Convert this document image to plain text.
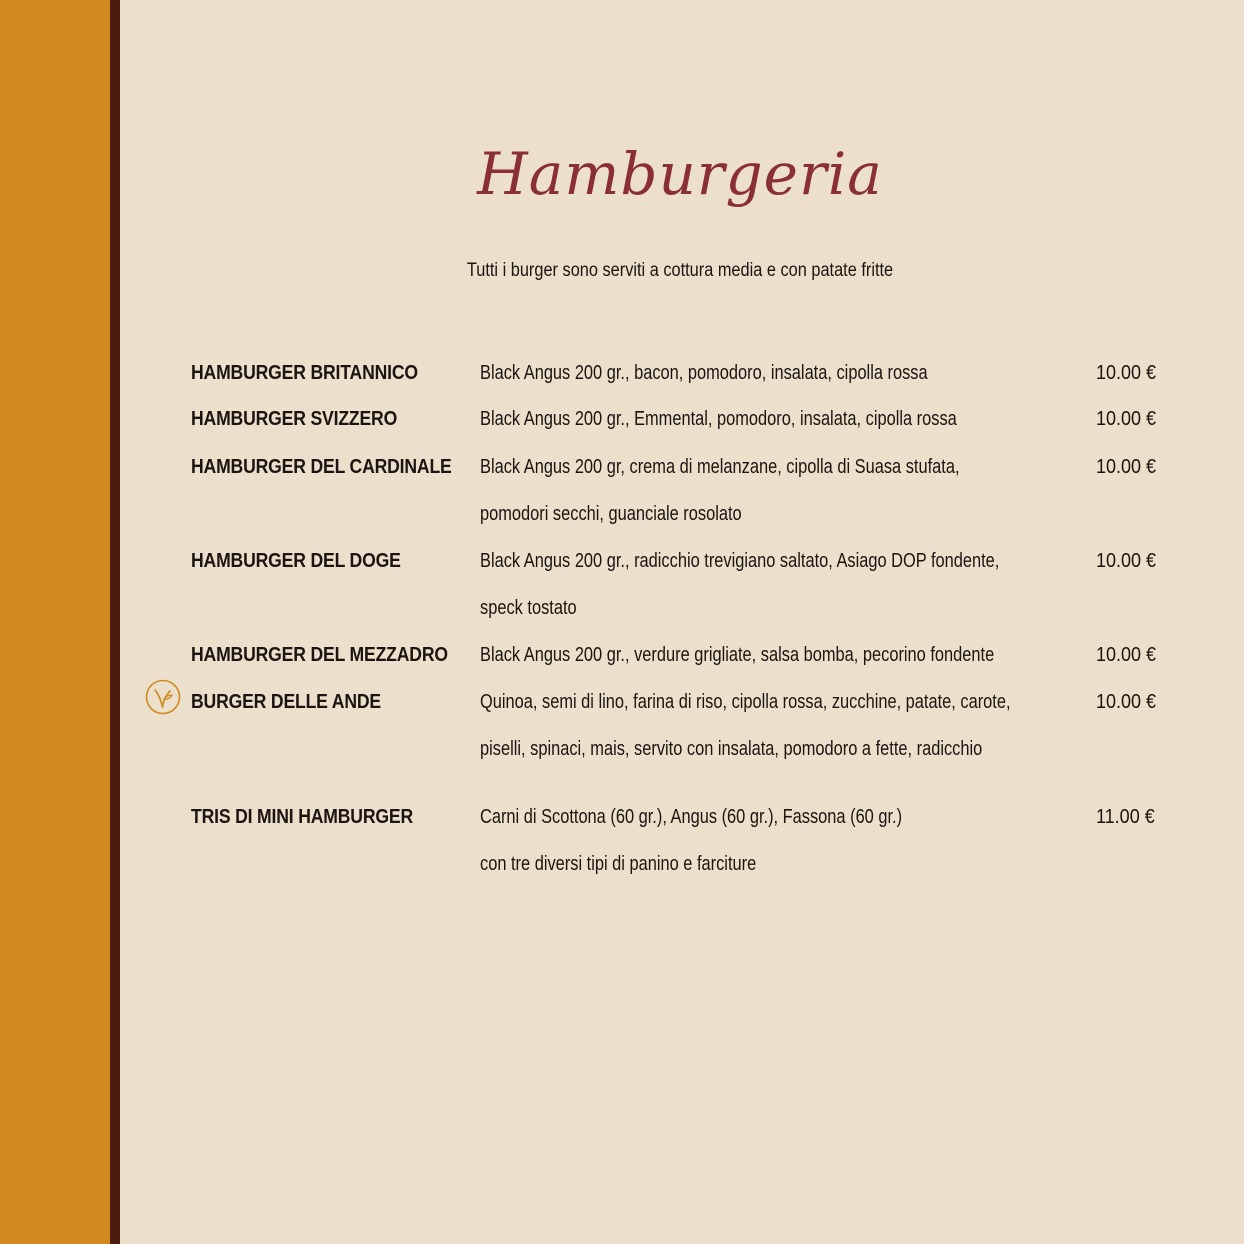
Hamburgeria
Tutti i burger sono serviti a cottura media e con patate fritte
HAMBURGER BRITANNICO	Black Angus 200 gr., bacon, pomodoro, insalata, cipolla rossa	10.00 €
HAMBURGER SVIZZERO	Black Angus 200 gr., Emmental, pomodoro, insalata, cipolla rossa	10.00 €
HAMBURGER DEL CARDINALE Black Angus 200 gr, crema di melanzane, cipolla di Suasa stufata,
pomodori secchi, guanciale rosolato
10.00 €
HAMBURGER DEL DOGE	Black Angus 200 gr., radicchio trevigiano saltato, Asiago DOP fondente,
speck tostato
10.00 €
HAMBURGER DEL MEZZADRO Black Angus 200 gr., verdure grigliate, salsa bomba, pecorino fondente	10.00 €
BURGER DELLE ANDE	Quinoa, semi di lino, farina di riso, cipolla rossa, zucchine, patate, carote,
piselli, spinaci, mais, servito con insalata, pomodoro a fette, radicchio
10.00 €
TRIS DI MINI HAMBURGER	Carni di Scottona (60 gr.), Angus (60 gr.), Fassona (60 gr.)
con tre diversi tipi di panino e farciture
11.00 €
